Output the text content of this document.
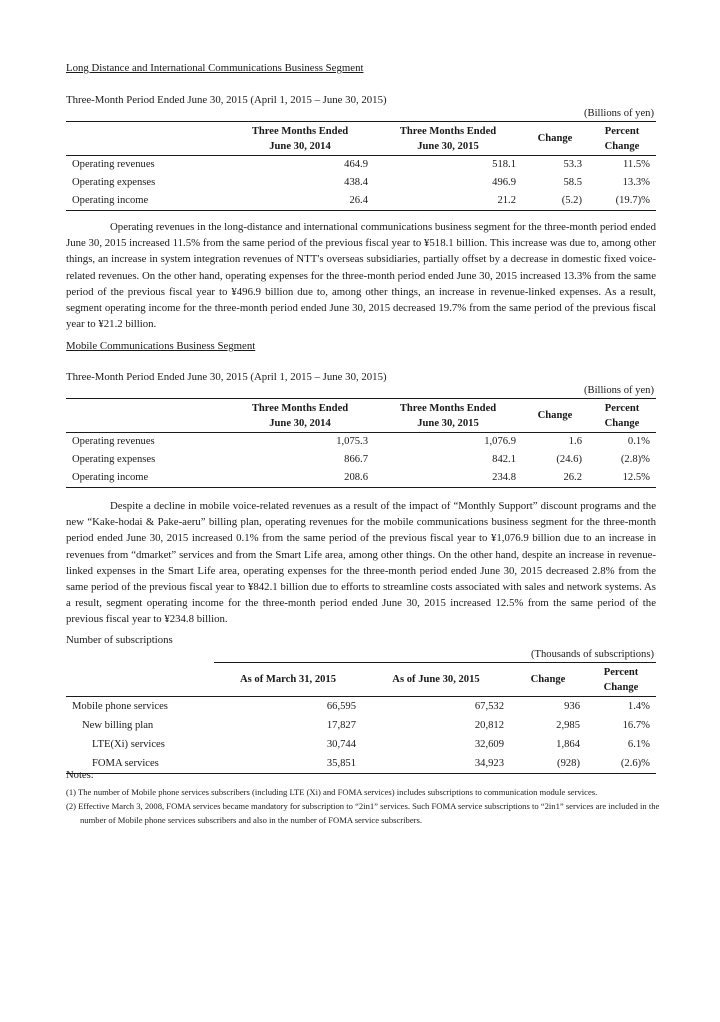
Long Distance and International Communications Business Segment
Three-Month Period Ended June 30, 2015 (April 1, 2015 – June 30, 2015)
(Billions of yen)
	Three Months Ended
June 30, 2014	Three Months Ended
June 30, 2015	Change	Percent
Change
Operating revenues	464.9	518.1	53.3	11.5%
Operating expenses	438.4	496.9	58.5	13.3%
Operating income	26.4	21.2	(5.2)	(19.7)%

Operating revenues in the long-distance and international communications business segment for the three-month period ended June 30, 2015 increased 11.5% from the same period of the previous fiscal year to ¥518.1 billion. This increase was due to, among other things, an increase in system integration revenues of NTT's overseas subsidiaries, partially offset by a decrease in domestic fixed voice-related revenues. On the other hand, operating expenses for the three-month period ended June 30, 2015 increased 13.3% from the same period of the previous fiscal year to ¥496.9 billion due to, among other things, an increase in revenue-linked expenses. As a result, segment operating income for the three-month period ended June 30, 2015 decreased 19.7% from the same period of the previous fiscal year to ¥21.2 billion.

Mobile Communications Business Segment
Three-Month Period Ended June 30, 2015 (April 1, 2015 – June 30, 2015)
(Billions of yen)
	Three Months Ended
June 30, 2014	Three Months Ended
June 30, 2015	Change	Percent
Change
Operating revenues	1,075.3	1,076.9	1.6	0.1%
Operating expenses	866.7	842.1	(24.6)	(2.8)%
Operating income	208.6	234.8	26.2	12.5%

Despite a decline in mobile voice-related revenues as a result of the impact of “Monthly Support” discount programs and the new “Kake-hodai & Pake-aeru” billing plan, operating revenues for the mobile communications business segment for the three-month period ended June 30, 2015 increased 0.1% from the same period of the previous fiscal year to ¥1,076.9 billion due to an increase in revenues from “dmarket” services and from the Smart Life area, among other things. On the other hand, despite an increase in revenue-linked expenses in the Smart Life area, operating expenses for the three-month period ended June 30, 2015 decreased 2.8% from the same period of the previous fiscal year to ¥842.1 billion due to efforts to streamline costs associated with sales and network systems. As a result, segment operating income for the three-month period ended June 30, 2015 increased 12.5% from the same period of the previous fiscal year to ¥234.8 billion.

Number of subscriptions
(Thousands of subscriptions)
	As of March 31, 2015	As of June 30, 2015	Change	Percent
Change
Mobile phone services	66,595	67,532	936	1.4%
New billing plan	17,827	20,812	2,985	16.7%
LTE(Xi) services	30,744	32,609	1,864	6.1%
FOMA services	35,851	34,923	(928)	(2.6)%
Notes:
(1) The number of Mobile phone services subscribers (including LTE (Xi) and FOMA services) includes subscriptions to communication module services.
(2) Effective March 3, 2008, FOMA services became mandatory for subscription to “2in1” services. Such FOMA service subscriptions to “2in1” services are included in the number of Mobile phone services subscribers and also in the number of FOMA service subscribers.
